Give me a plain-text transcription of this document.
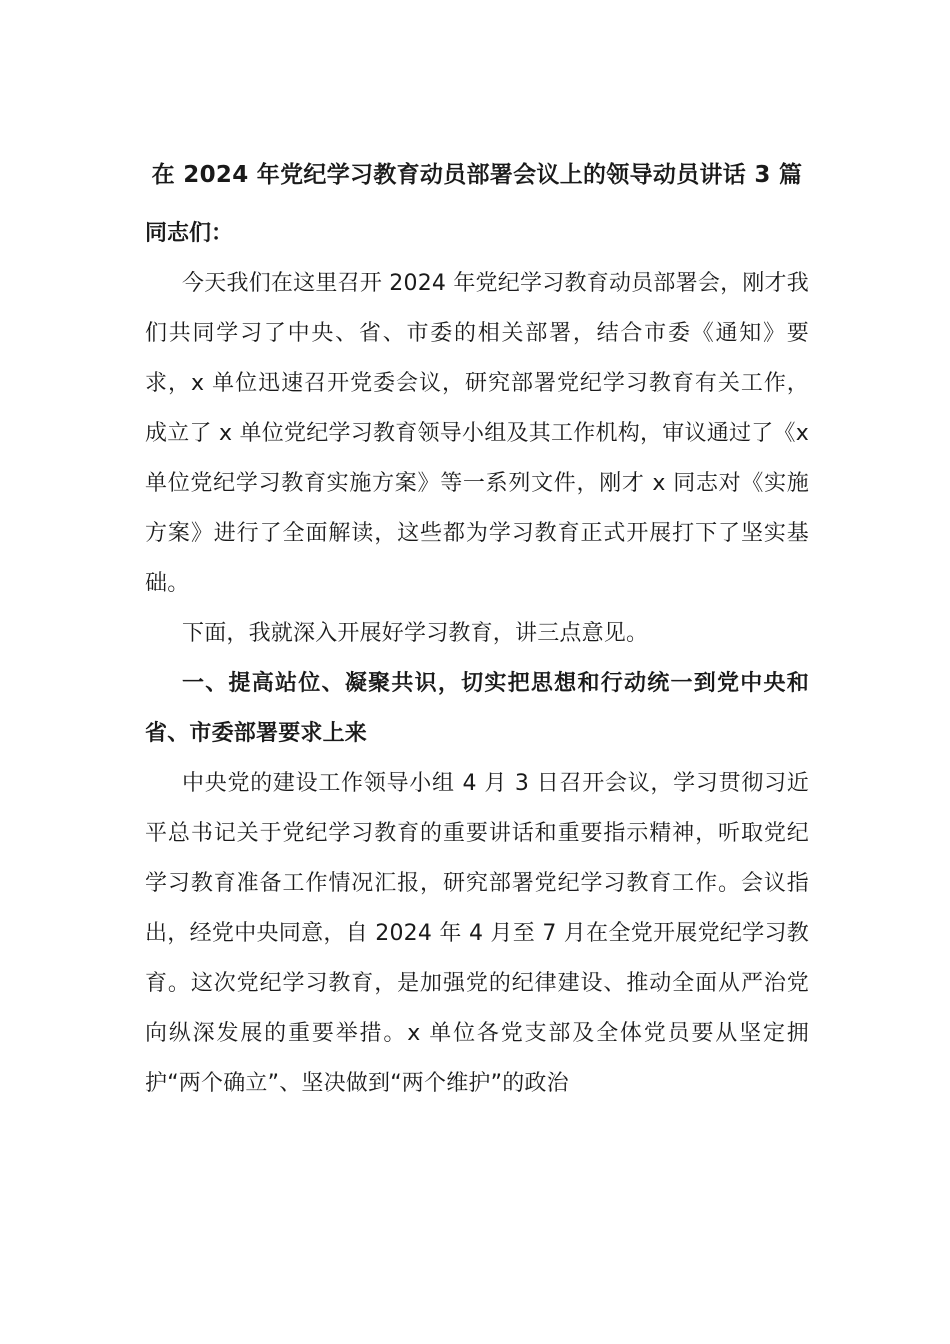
在 2024 年党纪学习教育动员部署会议上的领导动员讲话 3 篇

同志们：

今天我们在这里召开 2024 年党纪学习教育动员部署会，刚才我们共同学习了中央、省、市委的相关部署，结合市委《通知》要求，x 单位迅速召开党委会议，研究部署党纪学习教育有关工作，成立了 x 单位党纪学习教育领导小组及其工作机构，审议通过了《x 单位党纪学习教育实施方案》等一系列文件，刚才 x 同志对《实施方案》进行了全面解读，这些都为学习教育正式开展打下了坚实基础。

下面，我就深入开展好学习教育，讲三点意见。

一、提高站位、凝聚共识，切实把思想和行动统一到党中央和省、市委部署要求上来

中央党的建设工作领导小组 4 月 3 日召开会议，学习贯彻习近平总书记关于党纪学习教育的重要讲话和重要指示精神，听取党纪学习教育准备工作情况汇报，研究部署党纪学习教育工作。会议指出，经党中央同意，自 2024 年 4 月至 7 月在全党开展党纪学习教育。这次党纪学习教育，是加强党的纪律建设、推动全面从严治党向纵深发展的重要举措。x 单位各党支部及全体党员要从坚定拥护“两个确立”、坚决做到“两个维护”的政治
